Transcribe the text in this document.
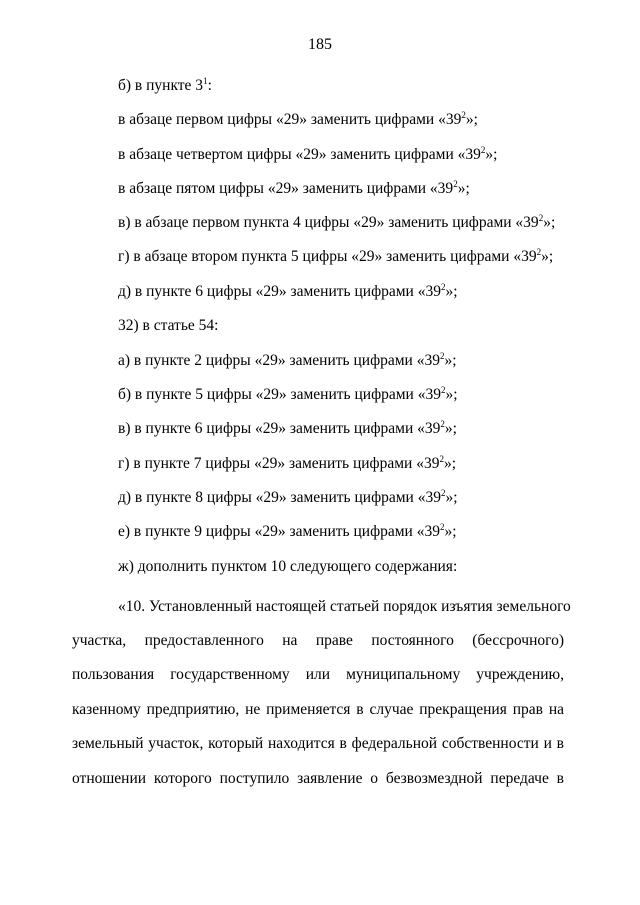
185
б) в пункте $3^1$:
в абзаце первом цифры «29» заменить цифрами «$39^2$»;
в абзаце четвертом цифры «29» заменить цифрами «$39^2$»;
в абзаце пятом цифры «29» заменить цифрами «$39^2$»;
в) в абзаце первом пункта 4 цифры «29» заменить цифрами «$39^2$»;
г) в абзаце втором пункта 5 цифры «29» заменить цифрами «$39^2$»;
д) в пункте 6 цифры «29» заменить цифрами «$39^2$»;
32) в статье 54:
а) в пункте 2 цифры «29» заменить цифрами «$39^2$»;
б) в пункте 5 цифры «29» заменить цифрами «$39^2$»;
в) в пункте 6 цифры «29» заменить цифрами «$39^2$»;
г) в пункте 7 цифры «29» заменить цифрами «$39^2$»;
д) в пункте 8 цифры «29» заменить цифрами «$39^2$»;
е) в пункте 9 цифры «29» заменить цифрами «$39^2$»;
ж) дополнить пунктом 10 следующего содержания:
«10. Установленный настоящей статьей порядок изъятия земельного
участка, предоставленного на праве постоянного (бессрочного)
пользования государственному или муниципальному учреждению,
казенному предприятию, не применяется в случае прекращения прав на
земельный участок, который находится в федеральной собственности и в
отношении которого поступило заявление о безвозмездной передаче в
